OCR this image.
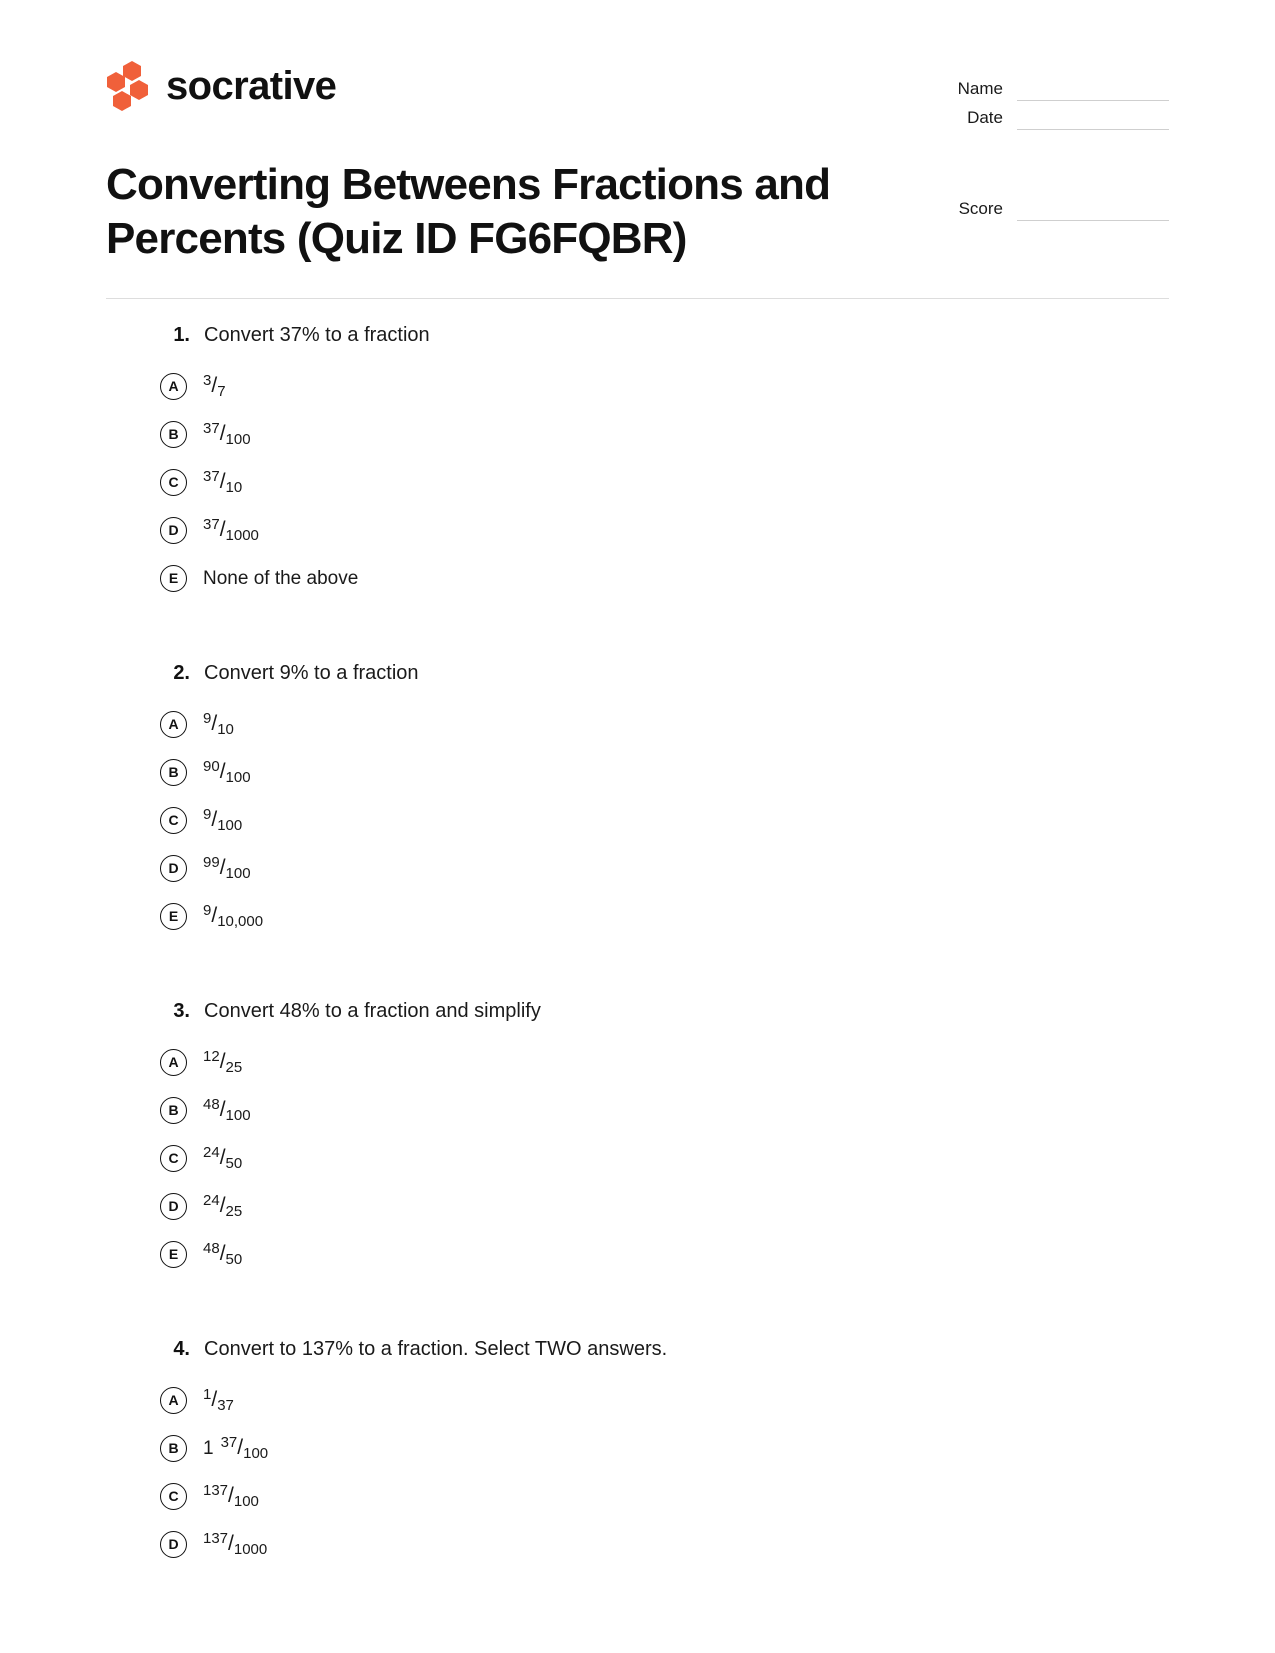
socrative	Name
Date
Score
Converting Betweens Fractions and Percents (Quiz ID FG6FQBR)
1. Convert 37% to a fraction
A	$^3/_7$
B	$^{37}/_{100}$
C	$^{37}/_{10}$
D	$^{37}/_{1000}$
E	None of the above
2. Convert 9% to a fraction
A	$^9/_{10}$
B	$^{90}/_{100}$
C	$^9/_{100}$
D	$^{99}/_{100}$
E	$^9/_{10,000}$
3. Convert 48% to a fraction and simplify
A	$^{12}/_{25}$
B	$^{48}/_{100}$
C	$^{24}/_{50}$
D	$^{24}/_{25}$
E	$^{48}/_{50}$
4. Convert to 137% to a fraction. Select TWO answers.
A	$^1/_{37}$
B	1 $^{37}/_{100}$
C	$^{137}/_{100}$
D	$^{137}/_{1000}$
